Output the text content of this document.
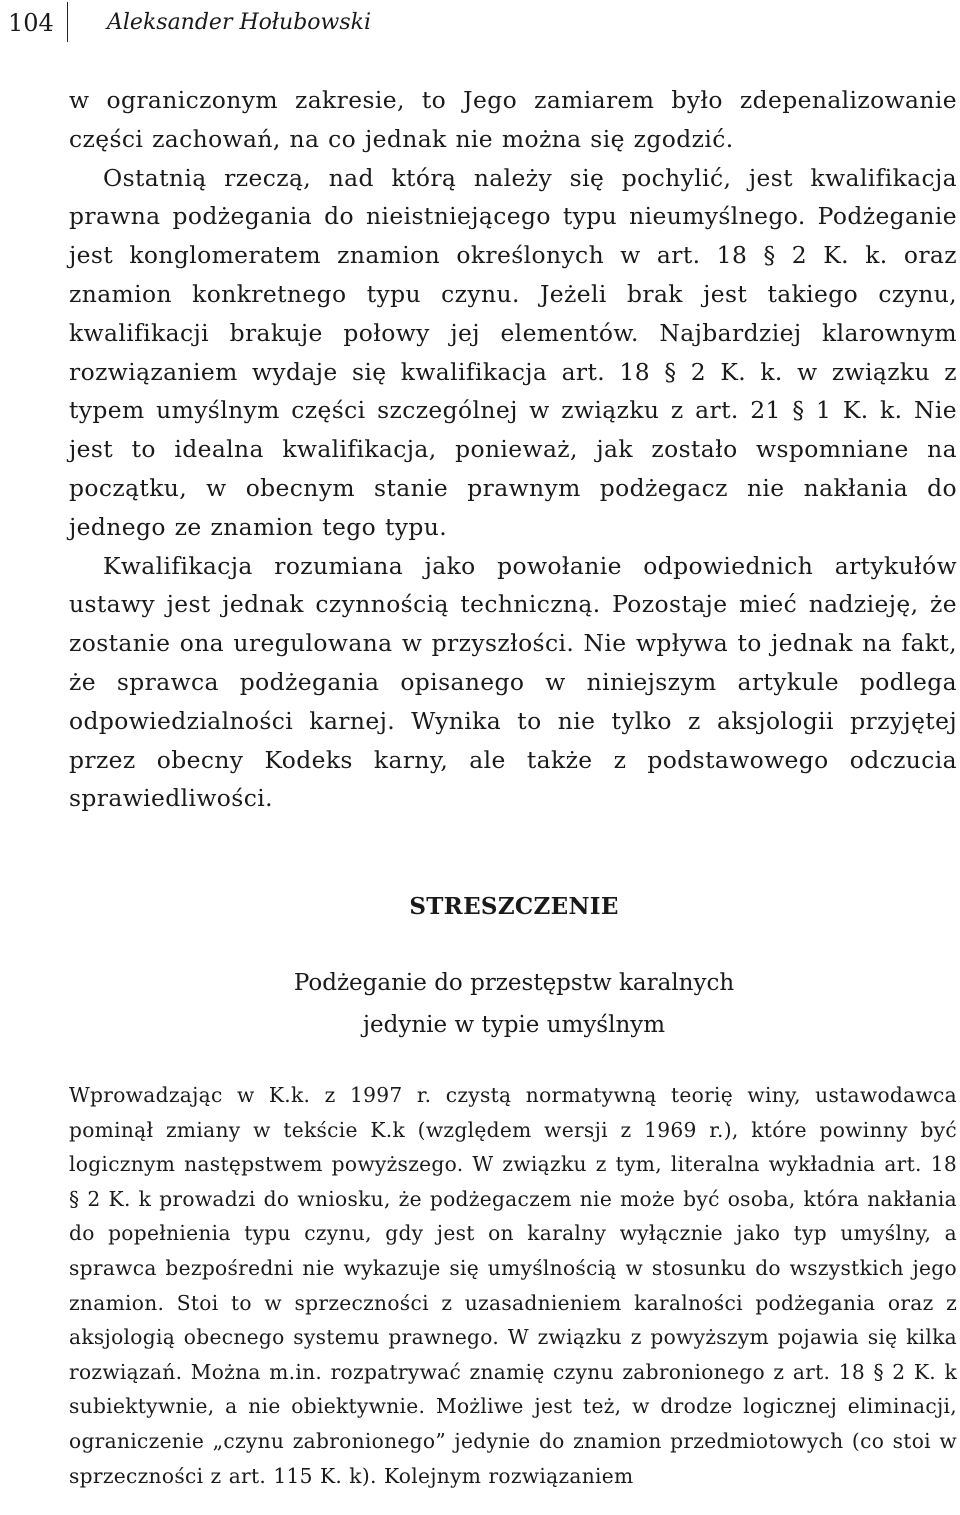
104 Aleksander Hołubowski

w ograniczonym zakresie, to Jego zamiarem było zdepenalizowanie części zachowań, na co jednak nie można się zgodzić.

Ostatnią rzeczą, nad którą należy się pochylić, jest kwalifikacja prawna podżegania do nieistniejącego typu nieumyślnego. Podżeganie jest konglomeratem znamion określonych w art. 18 § 2 K. k. oraz znamion konkretnego typu czynu. Jeżeli brak jest takiego czynu, kwalifikacji brakuje połowy jej elementów. Najbardziej klarownym rozwiązaniem wydaje się kwalifikacja art. 18 § 2 K. k. w związku z typem umyślnym części szczególnej w związku z art. 21 § 1 K. k. Nie jest to idealna kwalifikacja, ponieważ, jak zostało wspomniane na początku, w obecnym stanie prawnym podżegacz nie nakłania do jednego ze znamion tego typu.

Kwalifikacja rozumiana jako powołanie odpowiednich artykułów ustawy jest jednak czynnością techniczną. Pozostaje mieć nadzieję, że zostanie ona uregulowana w przyszłości. Nie wpływa to jednak na fakt, że sprawca podżegania opisanego w niniejszym artykule podlega odpowiedzialności karnej. Wynika to nie tylko z aksjologii przyjętej przez obecny Kodeks karny, ale także z podstawowego odczucia sprawiedliwości.

STRESZCZENIE
Podżeganie do przestępstw karalnych
jedynie w typie umyślnym

Wprowadzając w K.k. z 1997 r. czystą normatywną teorię winy, ustawodawca pominął zmiany w tekście K.k (względem wersji z 1969 r.), które powinny być logicznym następstwem powyższego. W związku z tym, literalna wykładnia art. 18 § 2 K. k prowadzi do wniosku, że podżegaczem nie może być osoba, która nakłania do popełnienia typu czynu, gdy jest on karalny wyłącznie jako typ umyślny, a sprawca bezpośredni nie wykazuje się umyślnością w stosunku do wszystkich jego znamion. Stoi to w sprzeczności z uzasadnieniem karalności podżegania oraz z aksjologią obecnego systemu prawnego. W związku z powyższym pojawia się kilka rozwiązań. Można m.in. rozpatrywać znamię czynu zabronionego z art. 18 § 2 K. k subiektywnie, a nie obiektywnie. Możliwe jest też, w drodze logicznej eliminacji, ograniczenie „czynu zabronionego” jedynie do znamion przedmiotowych (co stoi w sprzeczności z art. 115 K. k). Kolejnym rozwiązaniem
